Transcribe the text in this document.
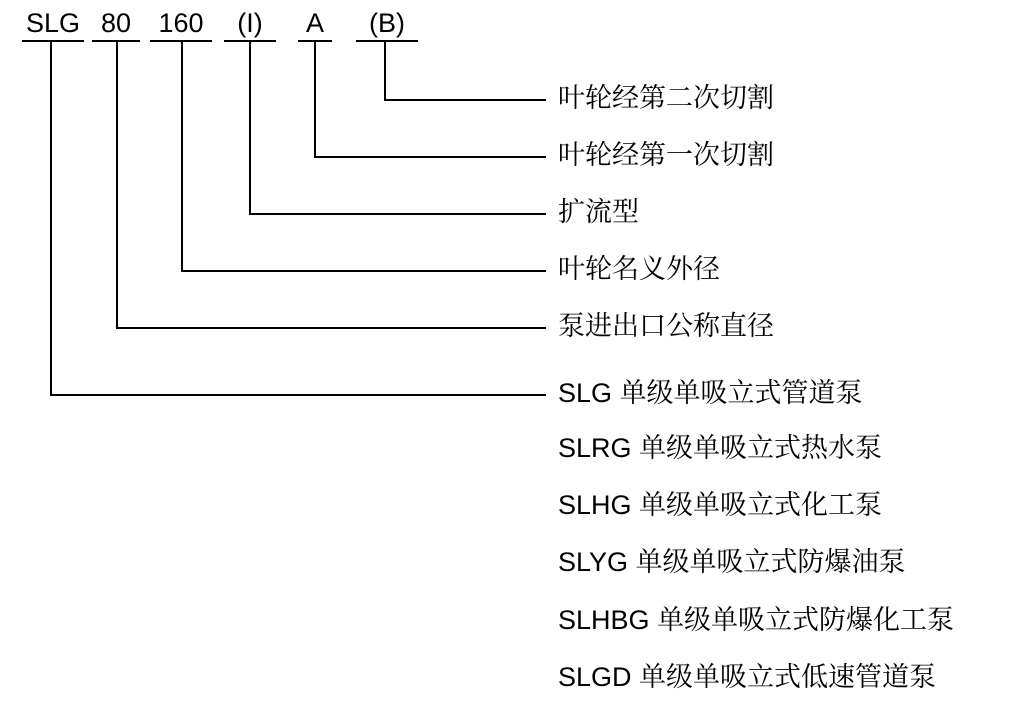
SLG 80	160	(I)	A	(B)
叶轮经第二次切割
叶轮经第一次切割
扩流型
叶轮名义外径
泵进出口公称直径
SLG 单级单吸立式管道泵
SLRG 单级单吸立式热水泵
SLHG 单级单吸立式化工泵
SLYG 单级单吸立式防爆油泵
SLHBG 单级单吸立式防爆化工泵
SLGD 单级单吸立式低速管道泵
